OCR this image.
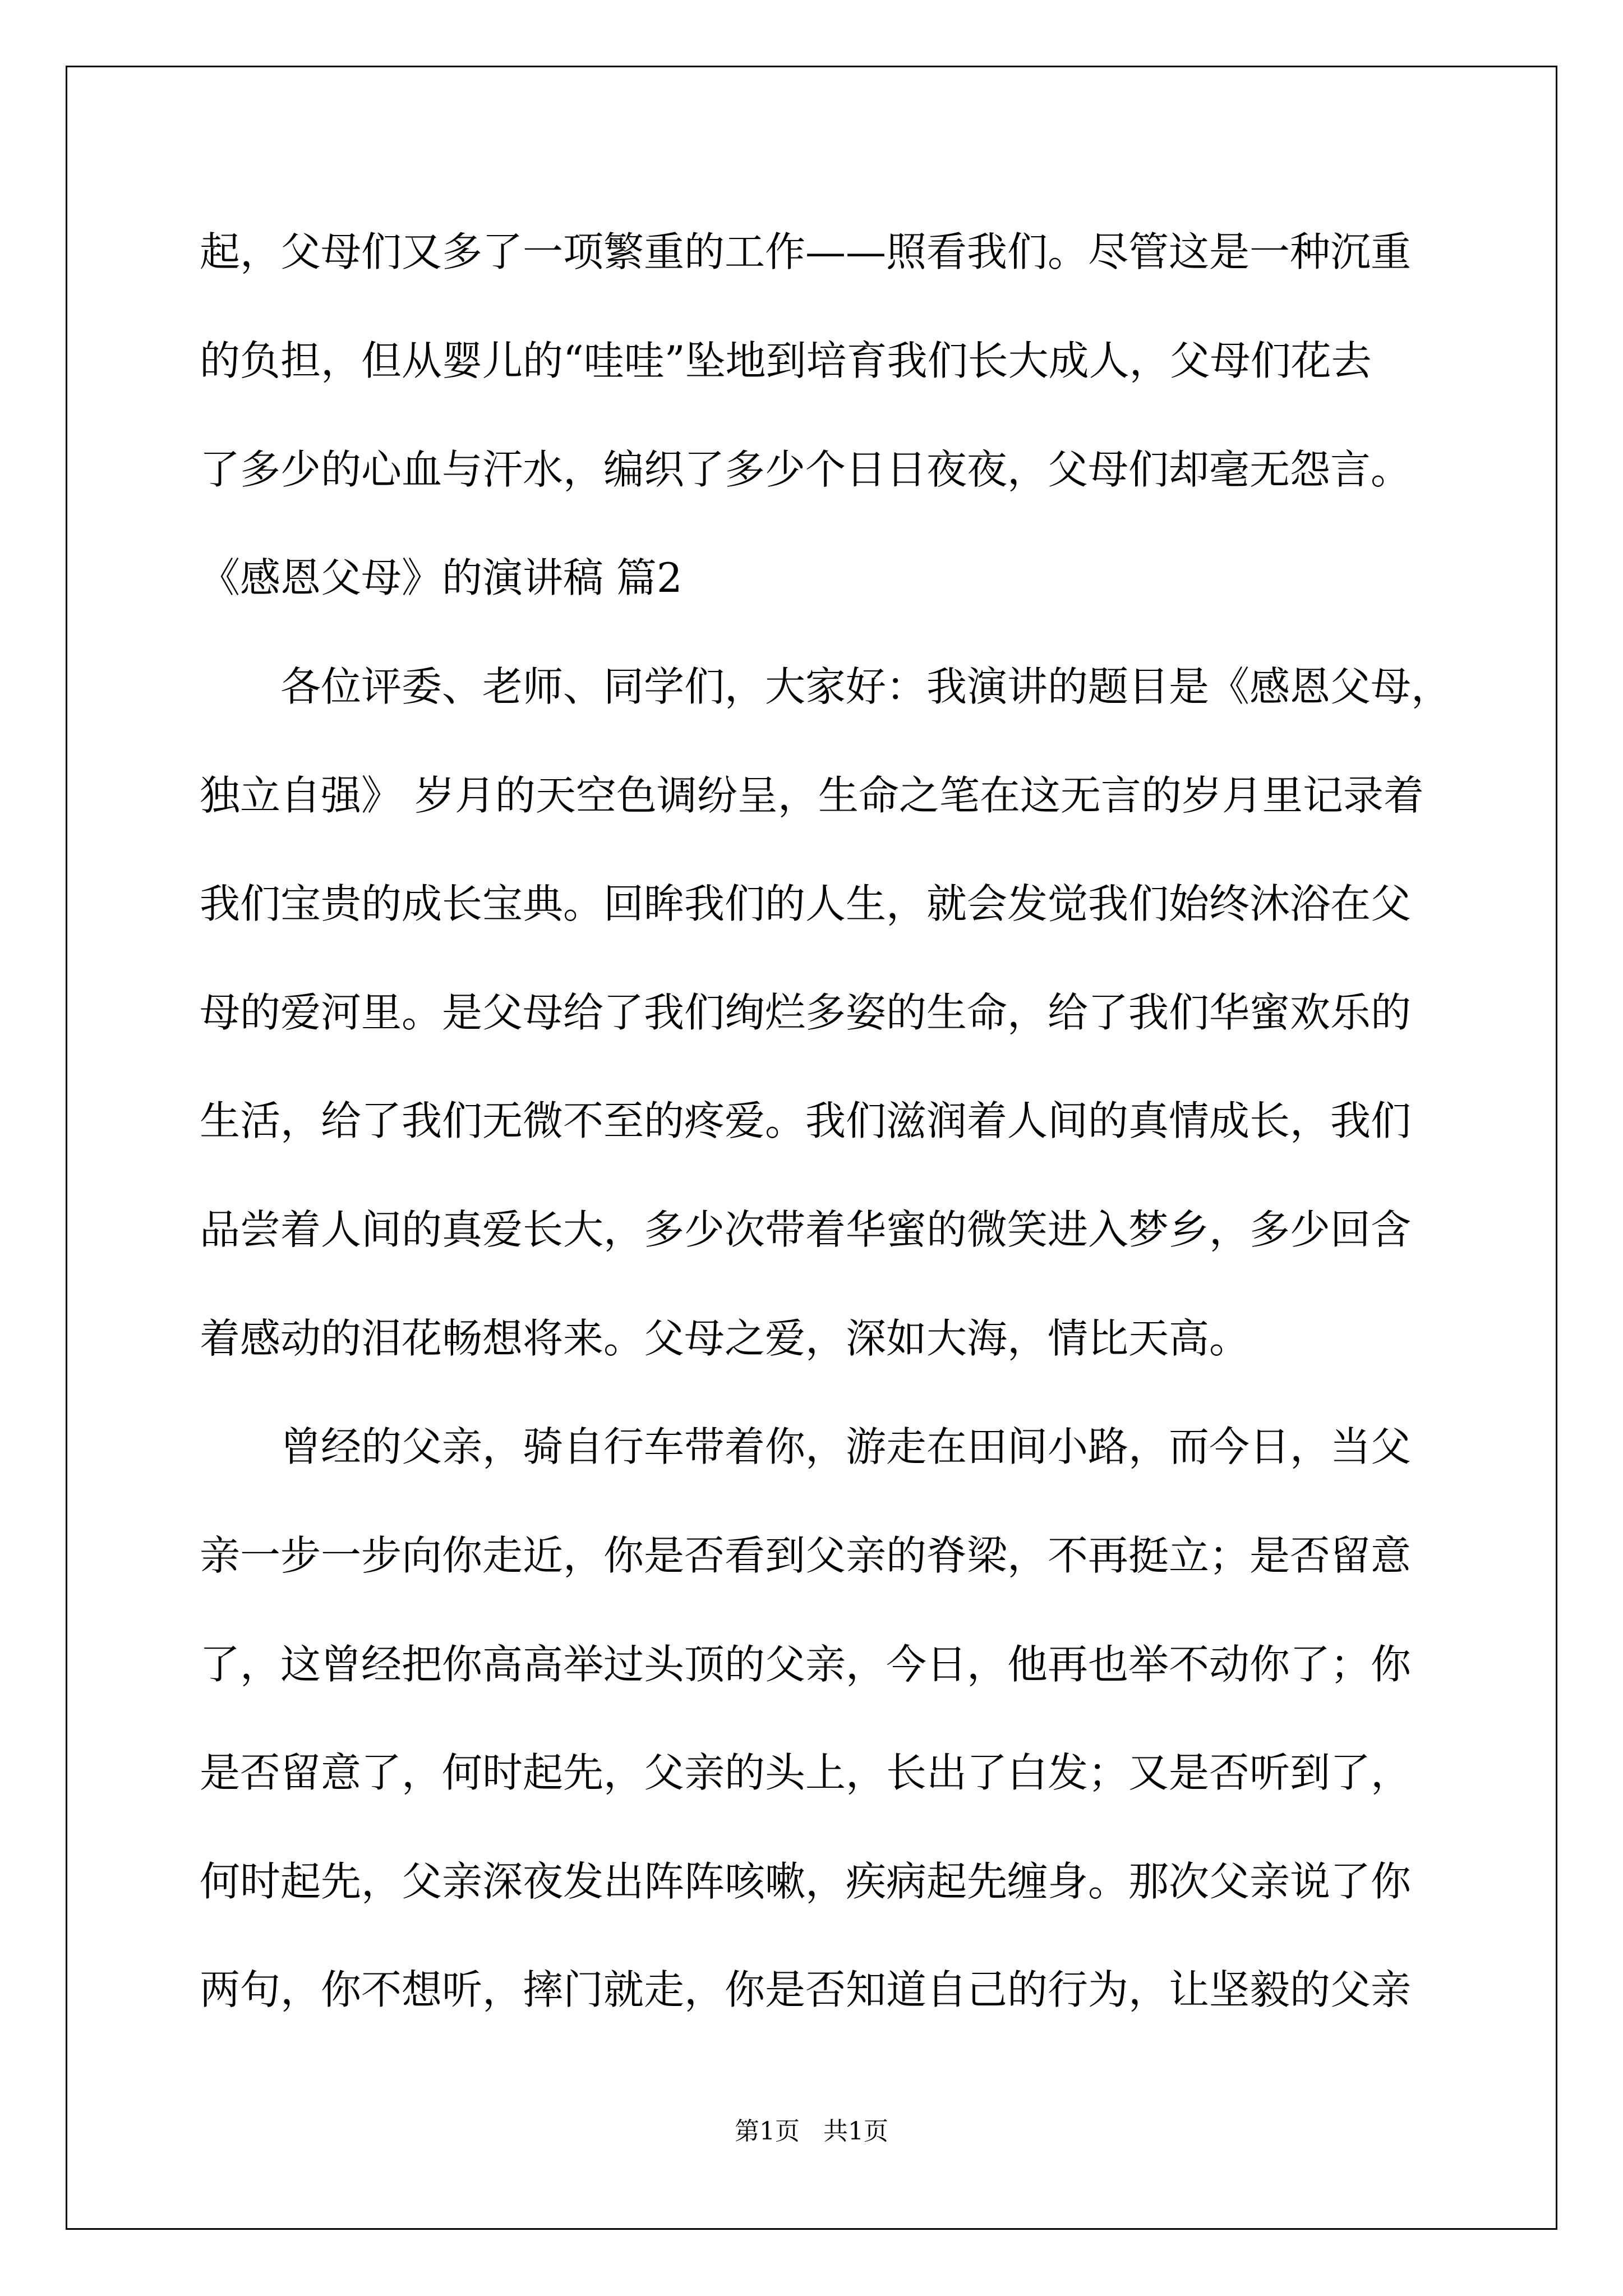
起，父母们又多了一项繁重的工作——照看我们。尽管这是一种沉重
的负担，但从婴儿的“哇哇”坠地到培育我们长大成人，父母们花去
了多少的心血与汗水，编织了多少个日日夜夜，父母们却毫无怨言。
《感恩父母》的演讲稿 篇2
各位评委、老师、同学们，大家好：我演讲的题目是《感恩父母，
独立自强》 岁月的天空色调纷呈，生命之笔在这无言的岁月里记录着
我们宝贵的成长宝典。回眸我们的人生，就会发觉我们始终沐浴在父
母的爱河里。是父母给了我们绚烂多姿的生命，给了我们华蜜欢乐的
生活，给了我们无微不至的疼爱。我们滋润着人间的真情成长，我们
品尝着人间的真爱长大，多少次带着华蜜的微笑进入梦乡，多少回含
着感动的泪花畅想将来。父母之爱，深如大海，情比天高。
曾经的父亲，骑自行车带着你，游走在田间小路，而今日，当父
亲一步一步向你走近，你是否看到父亲的脊梁，不再挺立；是否留意
了，这曾经把你高高举过头顶的父亲，今日，他再也举不动你了；你
是否留意了，何时起先，父亲的头上，长出了白发；又是否听到了，
何时起先，父亲深夜发出阵阵咳嗽，疾病起先缠身。那次父亲说了你
两句，你不想听，摔门就走，你是否知道自己的行为，让坚毅的父亲
第1页   共1页
